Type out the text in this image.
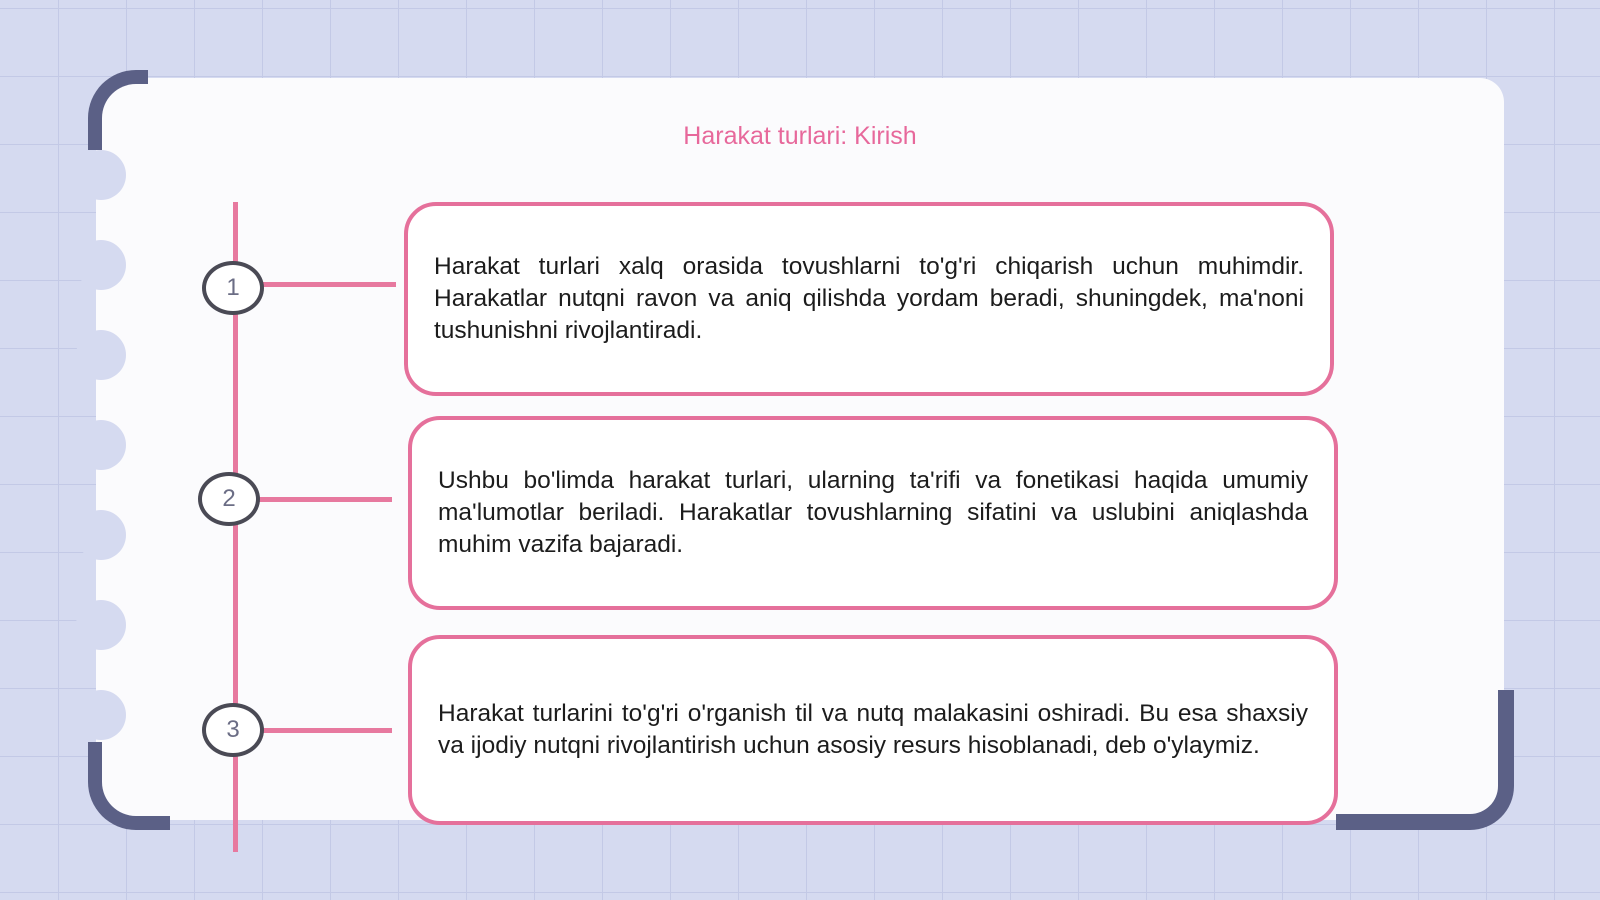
Harakat turlari: Kirish
1

Harakat turlari xalq orasida tovushlarni to'g'ri chiqarish uchun muhimdir. Harakatlar nutqni ravon va aniq qilishda yordam beradi, shuningdek, ma'noni tushunishni rivojlantiradi.

2

Ushbu bo'limda harakat turlari, ularning ta'rifi va fonetikasi haqida umumiy ma'lumotlar beriladi. Harakatlar tovushlarning sifatini va uslubini aniqlashda muhim vazifa bajaradi.

3

Harakat turlarini to'g'ri o'rganish til va nutq malakasini oshiradi. Bu esa shaxsiy va ijodiy nutqni rivojlantirish uchun asosiy resurs hisoblanadi, deb o'ylaymiz.
